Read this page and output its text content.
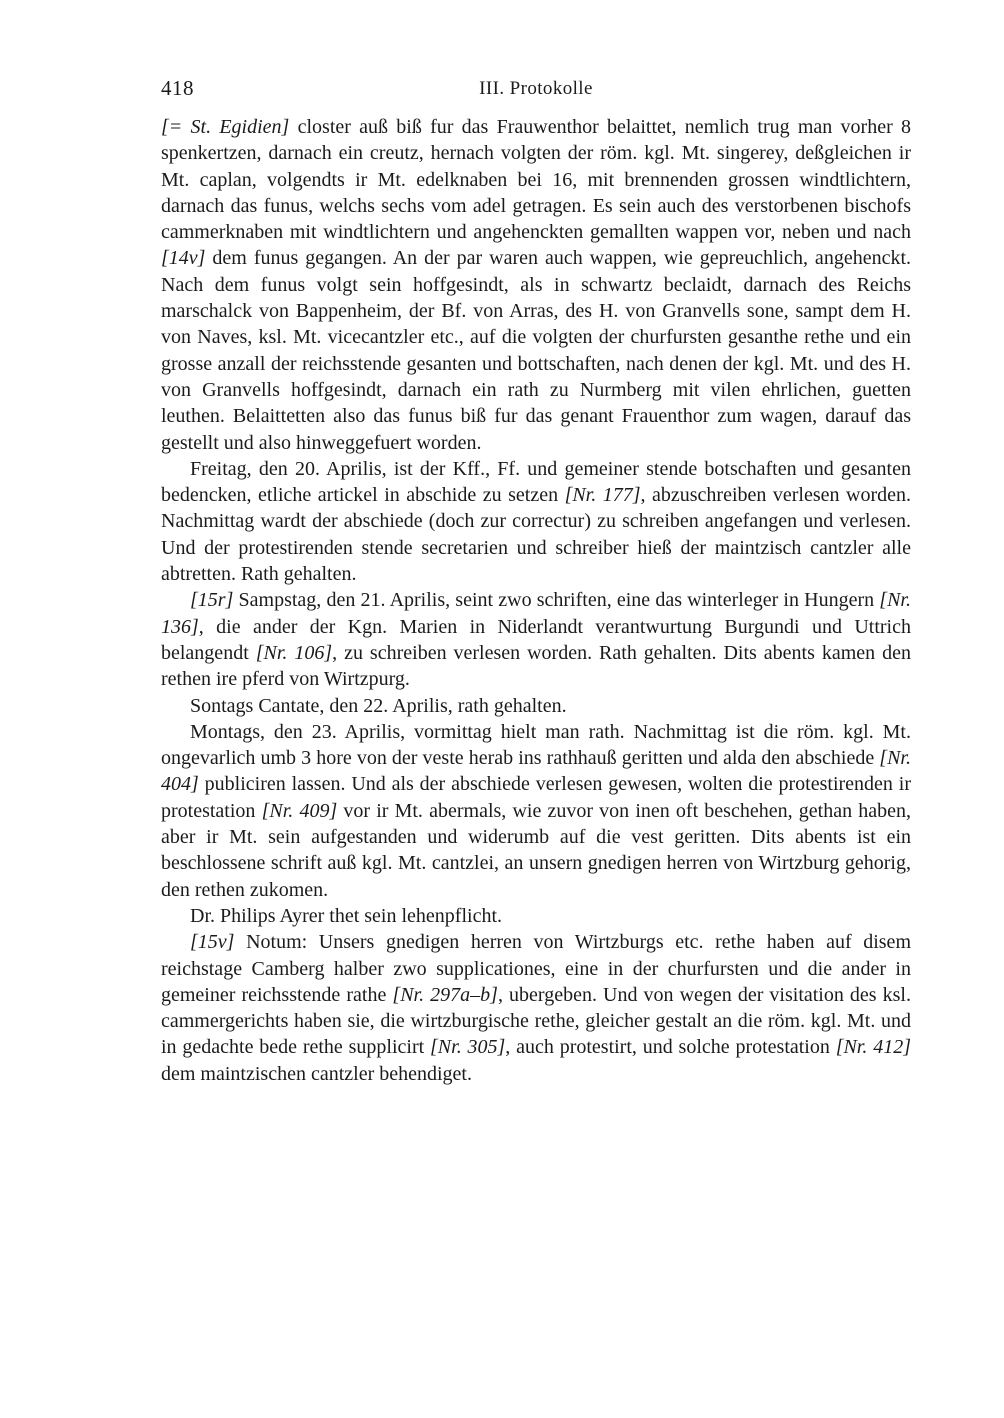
418	III. Protokolle

[= St. Egidien] closter auß biß fur das Frauwenthor belaittet, nemlich trug man vorher 8 spenkertzen, darnach ein creutz, hernach volgten der röm. kgl. Mt. singerey, deßgleichen ir Mt. caplan, volgendts ir Mt. edelknaben bei 16, mit brennenden grossen windtlichtern, darnach das funus, welchs sechs vom adel getragen. Es sein auch des verstorbenen bischofs cammerknaben mit windtlichtern und angehenckten gemallten wappen vor, neben und nach [14v] dem funus gegangen. An der par waren auch wappen, wie gepreuchlich, angehenckt. Nach dem funus volgt sein hoffgesindt, als in schwartz beclaidt, darnach des Reichs marschalck von Bappenheim, der Bf. von Arras, des H. von Granvells sone, sampt dem H. von Naves, ksl. Mt. vicecantzler etc., auf die volgten der churfursten gesanthe rethe und ein grosse anzall der reichsstende gesanten und bottschaften, nach denen der kgl. Mt. und des H. von Granvells hoffgesindt, darnach ein rath zu Nurmberg mit vilen ehrlichen, guetten leuthen. Belaittetten also das funus biß fur das genant Frauenthor zum wagen, darauf das gestellt und also hinweggefuert worden.

Freitag, den 20. Aprilis, ist der Kff., Ff. und gemeiner stende botschaften und gesanten bedencken, etliche artickel in abschide zu setzen [Nr. 177], abzuschreiben verlesen worden. Nachmittag wardt der abschiede (doch zur correctur) zu schreiben angefangen und verlesen. Und der protestirenden stende secretarien und schreiber hieß der maintzisch cantzler alle abtretten. Rath gehalten.

[15r] Sampstag, den 21. Aprilis, seint zwo schriften, eine das winterleger in Hungern [Nr. 136], die ander der Kgn. Marien in Niderlandt verantwurtung Burgundi und Uttrich belangendt [Nr. 106], zu schreiben verlesen worden. Rath gehalten. Dits abents kamen den rethen ire pferd von Wirtzpurg.

Sontags Cantate, den 22. Aprilis, rath gehalten.

Montags, den 23. Aprilis, vormittag hielt man rath. Nachmittag ist die röm. kgl. Mt. ongevarlich umb 3 hore von der veste herab ins rathhauß geritten und alda den abschiede [Nr. 404] publiciren lassen. Und als der abschiede verlesen gewesen, wolten die protestirenden ir protestation [Nr. 409] vor ir Mt. abermals, wie zuvor von inen oft beschehen, gethan haben, aber ir Mt. sein aufgestanden und widerumb auf die vest geritten. Dits abents ist ein beschlossene schrift auß kgl. Mt. cantzlei, an unsern gnedigen herren von Wirtzburg gehorig, den rethen zukomen.

Dr. Philips Ayrer thet sein lehenpflicht.

[15v] Notum: Unsers gnedigen herren von Wirtzburgs etc. rethe haben auf disem reichstage Camberg halber zwo supplicationes, eine in der churfursten und die ander in gemeiner reichsstende rathe [Nr. 297a–b], ubergeben. Und von wegen der visitation des ksl. cammergerichts haben sie, die wirtzburgische rethe, gleicher gestalt an die röm. kgl. Mt. und in gedachte bede rethe supplicirt [Nr. 305], auch protestirt, und solche protestation [Nr. 412] dem maintzischen cantzler behendiget.
